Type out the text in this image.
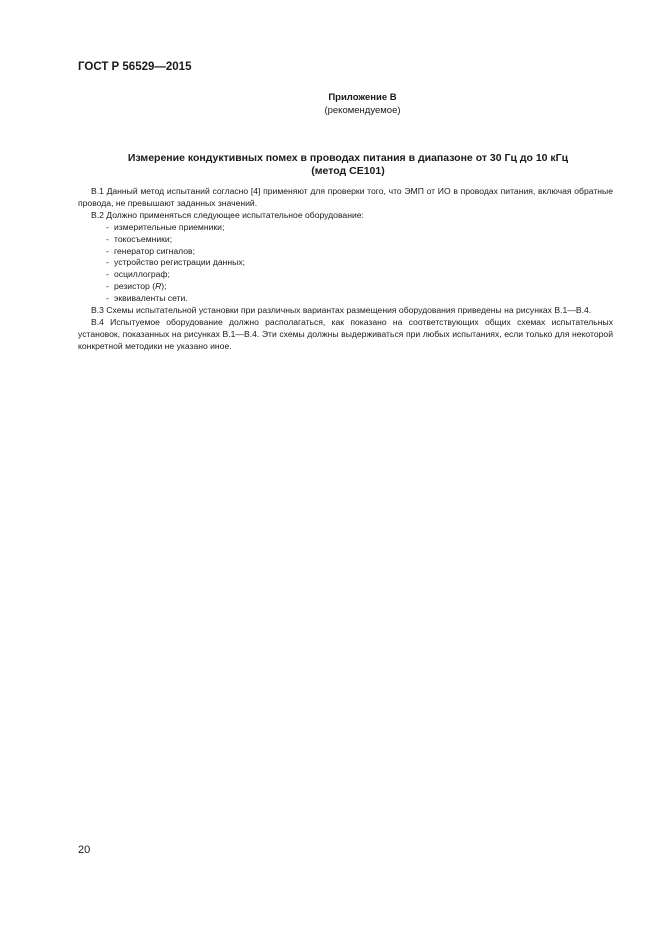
ГОСТ Р 56529—2015
Приложение В
(рекомендуемое)
Измерение кондуктивных помех в проводах питания в диапазоне от 30 Гц до 10 кГц
(метод СЕ101)

В.1 Данный метод испытаний согласно [4] применяют для проверки того, что ЭМП от ИО в проводах питания, включая обратные провода, не превышают заданных значений.

В.2 Должно применяться следующее испытательное оборудование:

- измерительные приемники;

- токосъемники;

- генератор сигналов;

- устройство регистрации данных;

- осциллограф;

- резистор (R);

- эквиваленты сети.

В.3 Схемы испытательной установки при различных вариантах размещения оборудования приведены на рисунках В.1—В.4.

В.4 Испытуемое оборудование должно располагаться, как показано на соответствующих общих схемах испытательных установок, показанных на рисунках В.1—В.4. Эти схемы должны выдерживаться при любых испытаниях, если только для некоторой конкретной методики не указано иное.

20
